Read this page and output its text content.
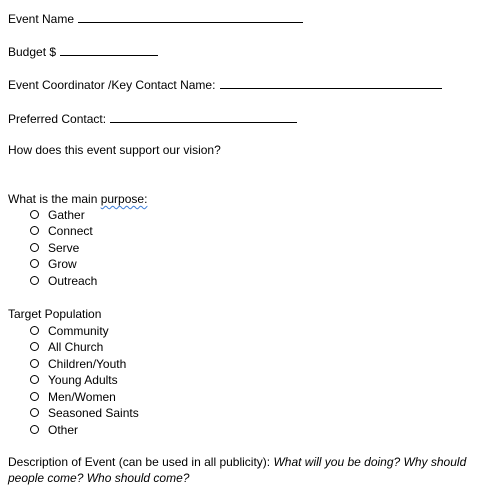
Event Name
Budget $
Event Coordinator /Key Contact Name:
Preferred Contact:
How does this event support our vision?
What is the main purpose:
Gather
Connect
Serve
Grow
Outreach
Target Population
Community
All Church
Children/Youth
Young Adults
Men/Women
Seasoned Saints
Other
Description of Event (can be used in all publicity): What will you be doing? Why should
people come? Who should come?
